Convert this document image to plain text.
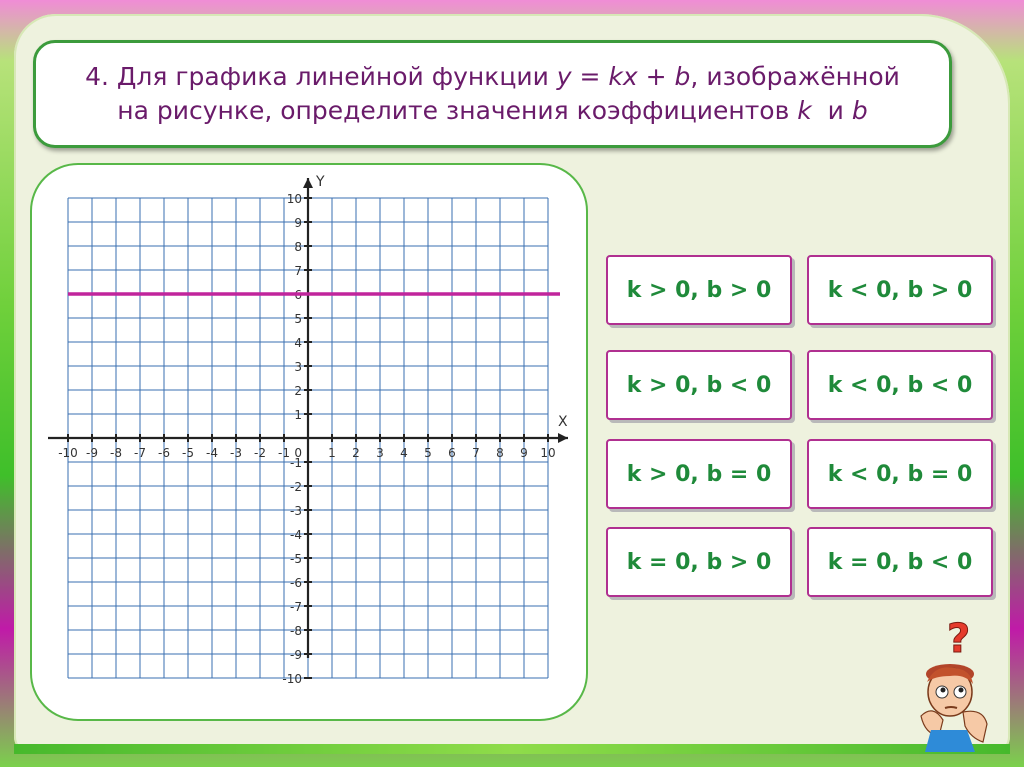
4. Для графика линейной функции y = kx + b, изображённой
на рисунке, определите значения коэффициентов k  и b
-10 -9 -8 -7 -6 -5 -4 -3 -2 -1	1 2 3 4 5 6 7 8 9 10
10
9
8
7
6
5
4
3
2
1
-1
-2
-3
-4
-5
-6
-7
-8
-9
-10
0
X
Y
k > 0, b > 0	k < 0, b > 0
k > 0, b < 0	k < 0, b < 0
k > 0, b = 0	k < 0, b = 0
k = 0, b > 0	k = 0, b < 0
?
